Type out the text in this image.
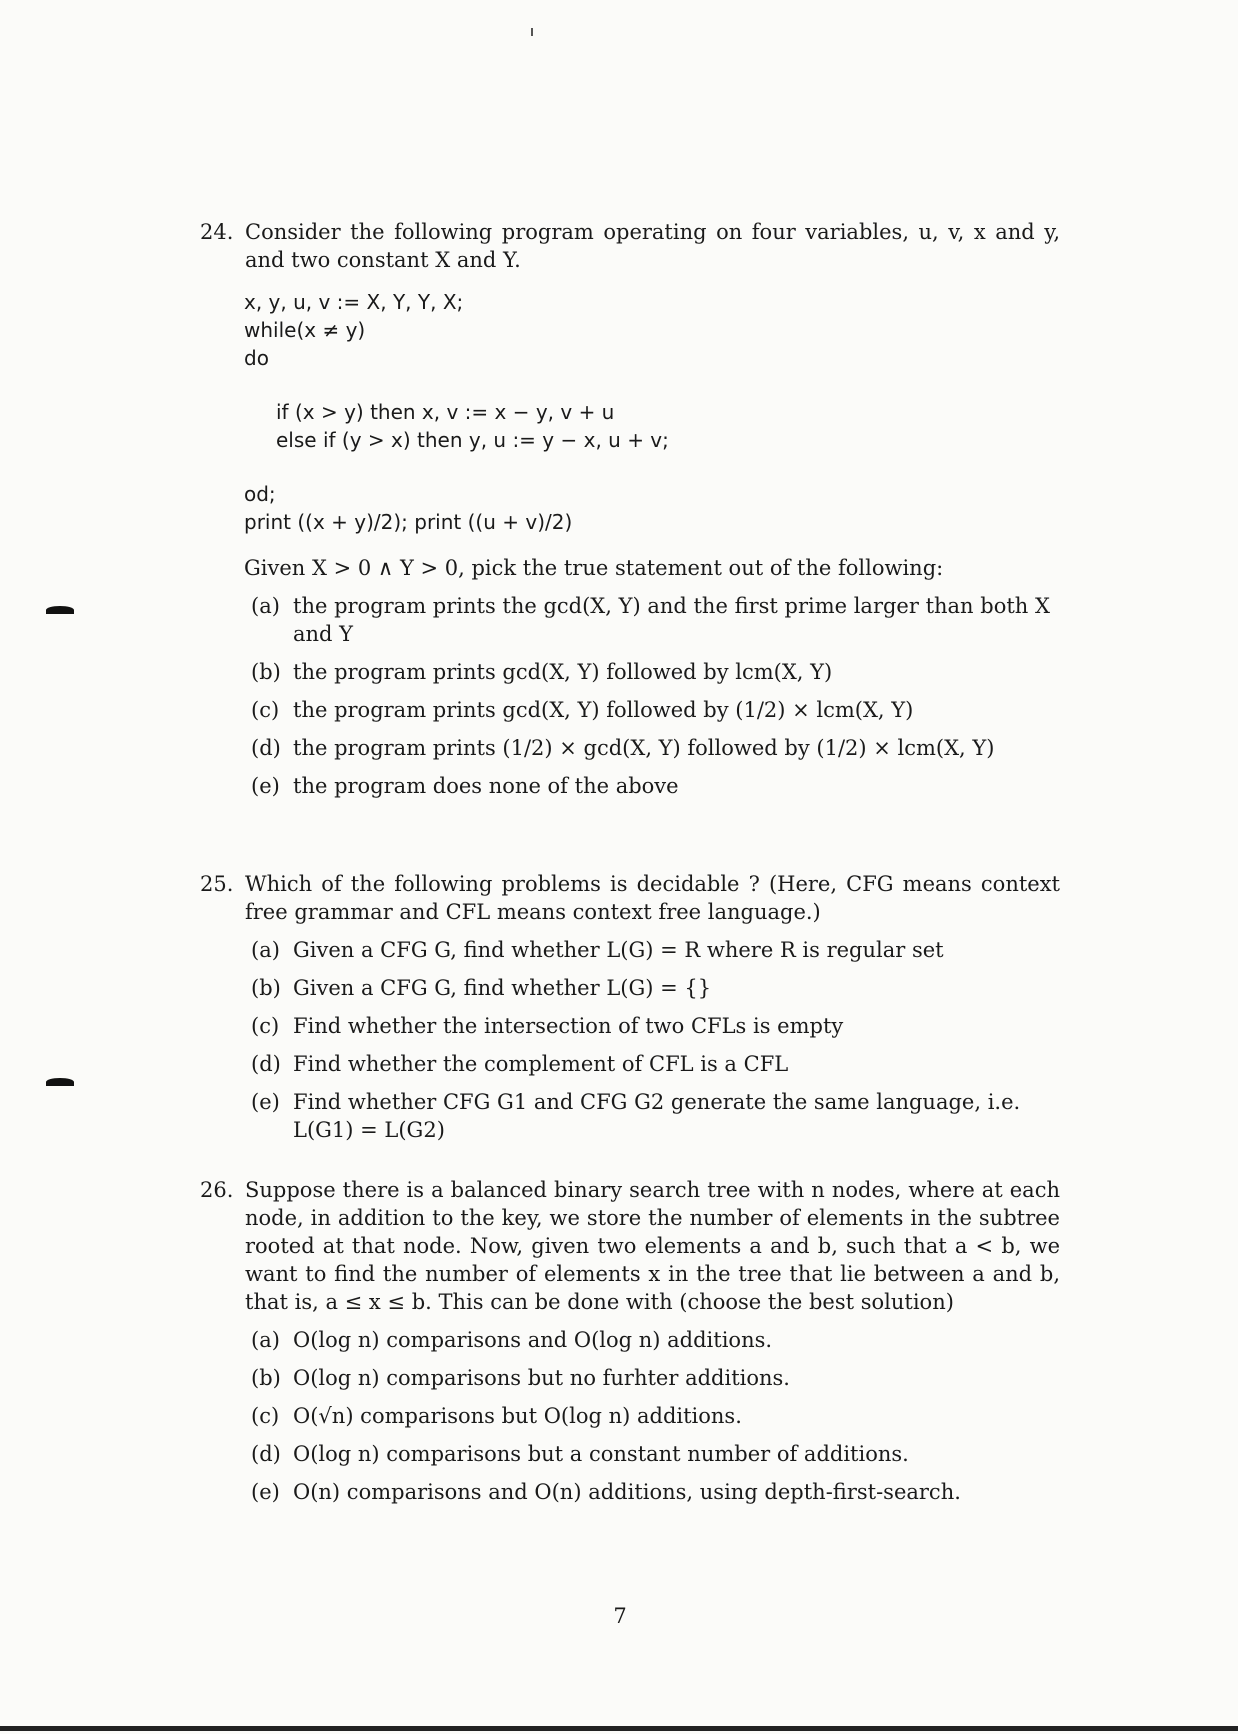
24. Consider the following program operating on four variables, u, v, x and y, and two constant X and Y.
x, y, u, v := X, Y, Y, X;
while(x ≠ y)
do
if (x > y) then x, v := x − y, v + u
else if (y > x) then y, u := y − x, u + v;
od;
print ((x + y)/2); print ((u + v)/2)
Given X > 0 ∧ Y > 0, pick the true statement out of the following:
(a) the program prints the gcd(X, Y) and the first prime larger than both X and Y
(b) the program prints gcd(X, Y) followed by lcm(X, Y)
(c) the program prints gcd(X, Y) followed by (1/2) × lcm(X, Y)
(d) the program prints (1/2) × gcd(X, Y) followed by (1/2) × lcm(X, Y)
(e) the program does none of the above
25. Which of the following problems is decidable ? (Here, CFG means context free grammar and CFL means context free language.)
(a) Given a CFG G, find whether L(G) = R where R is regular set
(b) Given a CFG G, find whether L(G) = {}
(c) Find whether the intersection of two CFLs is empty
(d) Find whether the complement of CFL is a CFL
(e) Find whether CFG G1 and CFG G2 generate the same language, i.e. L(G1) = L(G2)
26. Suppose there is a balanced binary search tree with n nodes, where at each node, in addition to the key, we store the number of elements in the subtree rooted at that node. Now, given two elements a and b, such that a < b, we want to find the number of elements x in the tree that lie between a and b, that is, a ≤ x ≤ b. This can be done with (choose the best solution)
(a) O(log n) comparisons and O(log n) additions.
(b) O(log n) comparisons but no furhter additions.
(c) O(√n) comparisons but O(log n) additions.
(d) O(log n) comparisons but a constant number of additions.
(e) O(n) comparisons and O(n) additions, using depth-first-search.
7
